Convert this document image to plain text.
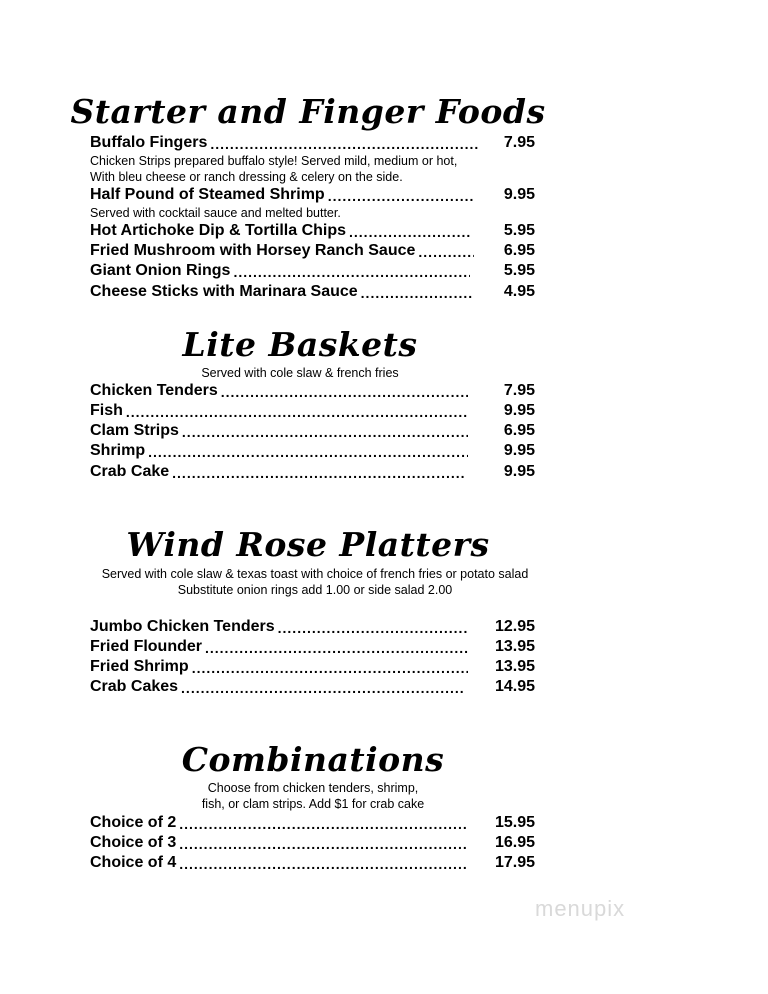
Starter and Finger Foods
Buffalo Fingers .....	7.95
Chicken Strips prepared buffalo style! Served mild, medium or hot,
With bleu cheese or ranch dressing & celery on the side.
Half Pound of Steamed Shrimp .....	9.95
Served with cocktail sauce and melted butter.
Hot Artichoke Dip & Tortilla Chips .....	5.95
Fried Mushroom with Horsey Ranch Sauce .....	6.95
Giant Onion Rings .....	5.95
Cheese Sticks with Marinara Sauce .....	4.95
Lite Baskets
Served with cole slaw & french fries
Chicken Tenders .....	7.95
Fish .....	9.95
Clam Strips .....	6.95
Shrimp .....	9.95
Crab Cake .....	9.95
Wind Rose Platters
Served with cole slaw & texas toast with choice of french fries or potato salad
Substitute onion rings add 1.00 or side salad 2.00
Jumbo Chicken Tenders .....	12.95
Fried Flounder .....	13.95
Fried Shrimp .....	13.95
Crab Cakes .....	14.95
Combinations
Choose from chicken tenders, shrimp,
fish, or clam strips. Add $1 for crab cake
Choice of 2 .....	15.95
Choice of 3 .....	16.95
Choice of 4 .....	17.95
menupix
